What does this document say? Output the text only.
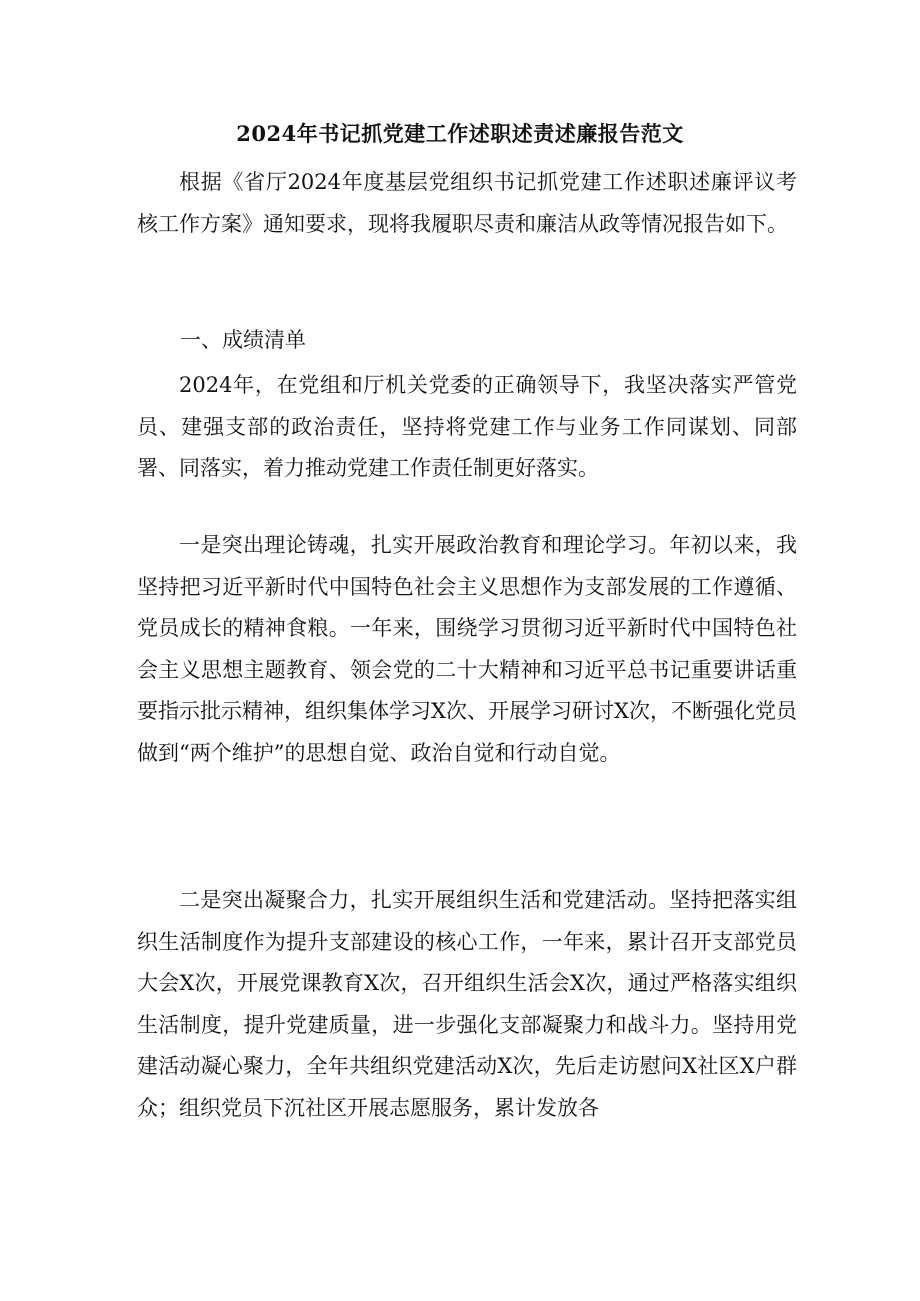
2024年书记抓党建工作述职述责述廉报告范文

根据《省厅2024年度基层党组织书记抓党建工作述职述廉评议考核工作方案》通知要求，现将我履职尽责和廉洁从政等情况报告如下。

一、成绩清单

2024年，在党组和厅机关党委的正确领导下，我坚决落实严管党员、建强支部的政治责任，坚持将党建工作与业务工作同谋划、同部署、同落实，着力推动党建工作责任制更好落实。

一是突出理论铸魂，扎实开展政治教育和理论学习。年初以来，我坚持把习近平新时代中国特色社会主义思想作为支部发展的工作遵循、党员成长的精神食粮。一年来，围绕学习贯彻习近平新时代中国特色社会主义思想主题教育、领会党的二十大精神和习近平总书记重要讲话重要指示批示精神，组织集体学习X次、开展学习研讨X次，不断强化党员做到“两个维护”的思想自觉、政治自觉和行动自觉。

二是突出凝聚合力，扎实开展组织生活和党建活动。坚持把落实组织生活制度作为提升支部建设的核心工作，一年来，累计召开支部党员大会X次，开展党课教育X次，召开组织生活会X次，通过严格落实组织生活制度，提升党建质量，进一步强化支部凝聚力和战斗力。坚持用党建活动凝心聚力，全年共组织党建活动X次，先后走访慰问X社区X户群众；组织党员下沉社区开展志愿服务，累计发放各
